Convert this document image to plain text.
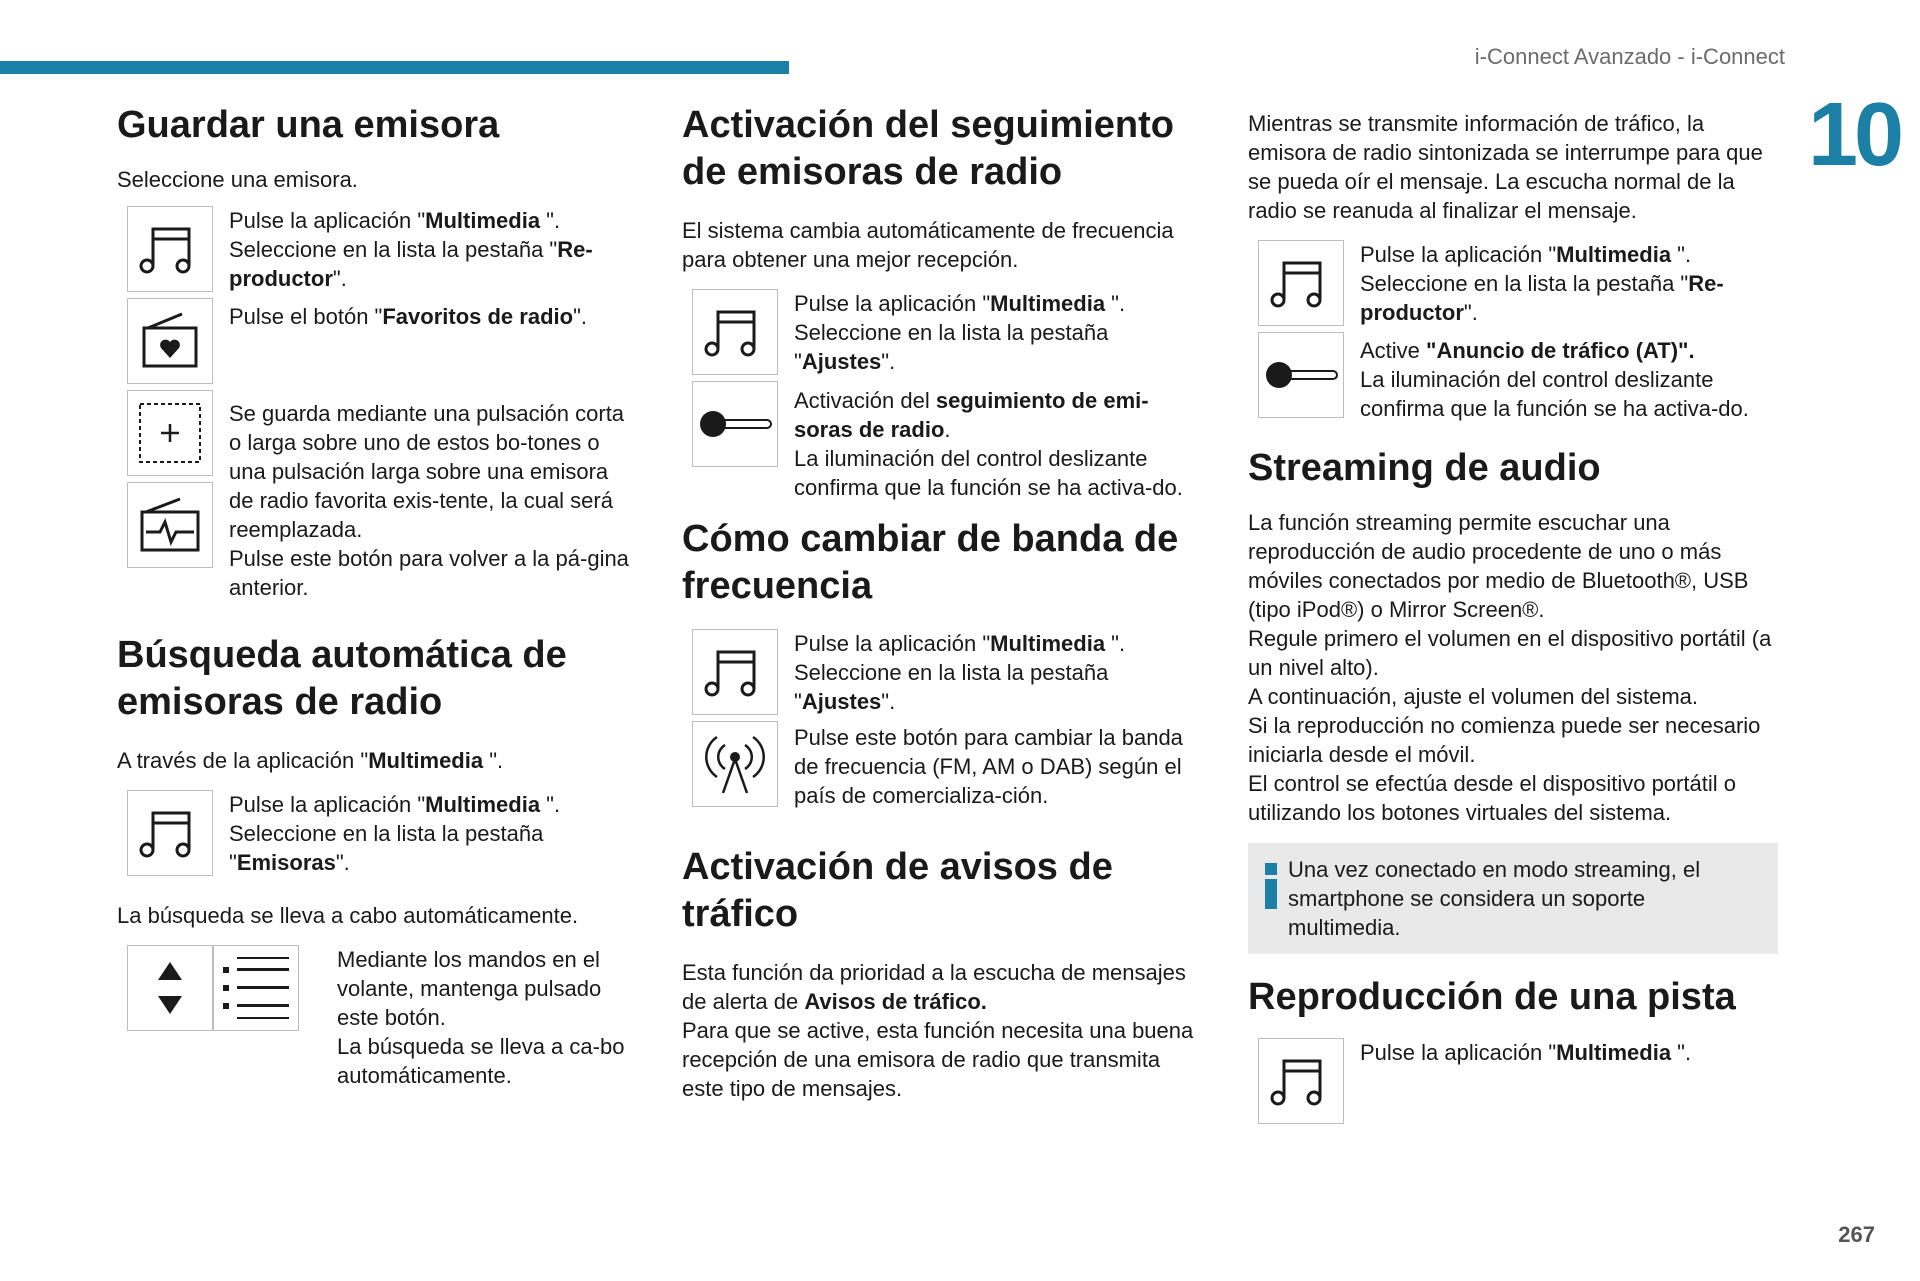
i-Connect Avanzado - i-Connect
10
267
Guardar una emisora

Seleccione una emisora.

Pulse la aplicación "Multimedia ".
Seleccione en la lista la pestaña "Re-
productor".

Pulse el botón "Favoritos de radio".

Se guarda mediante una pulsación corta o larga sobre uno de estos bo-tones o una pulsación larga sobre una emisora de radio favorita exis-tente, la cual será reemplazada.

Pulse este botón para volver a la pá-gina anterior.

Búsqueda automática de emisoras de radio

A través de la aplicación "Multimedia ".

Pulse la aplicación "Multimedia ".
Seleccione en la lista la pestaña
"Emisoras".

La búsqueda se lleva a cabo automáticamente.

Mediante los mandos en el volante, mantenga pulsado este botón.

La búsqueda se lleva a ca-bo automáticamente.

Activación del seguimiento de emisoras de radio

El sistema cambia automáticamente de frecuencia para obtener una mejor recepción.

Pulse la aplicación "Multimedia ".
Seleccione en la lista la pestaña
"Ajustes".

Activación del seguimiento de emi-soras de radio.
La iluminación del control deslizante confirma que la función se ha activa-do.

Cómo cambiar de banda de frecuencia

Pulse la aplicación "Multimedia ".
Seleccione en la lista la pestaña
"Ajustes".

Pulse este botón para cambiar la banda de frecuencia (FM, AM o DAB) según el país de comercializa-ción.

Activación de avisos de tráfico

Esta función da prioridad a la escucha de mensajes de alerta de Avisos de tráfico.

Para que se active, esta función necesita una buena recepción de una emisora de radio que transmita este tipo de mensajes.

Mientras se transmite información de tráfico, la emisora de radio sintonizada se interrumpe para que se pueda oír el mensaje. La escucha normal de la radio se reanuda al finalizar el mensaje.

Pulse la aplicación "Multimedia ".
Seleccione en la lista la pestaña "Re-
productor".

Active "Anuncio de tráfico (AT)".
La iluminación del control deslizante confirma que la función se ha activa-do.

Streaming de audio

La función streaming permite escuchar una reproducción de audio procedente de uno o más móviles conectados por medio de Bluetooth®, USB (tipo iPod®) o Mirror Screen®.

Regule primero el volumen en el dispositivo portátil (a un nivel alto).

A continuación, ajuste el volumen del sistema.

Si la reproducción no comienza puede ser necesario iniciarla desde el móvil.

El control se efectúa desde el dispositivo portátil o utilizando los botones virtuales del sistema.

Una vez conectado en modo streaming, el smartphone se considera un soporte multimedia.
Reproducción de una pista

Pulse la aplicación "Multimedia ".
